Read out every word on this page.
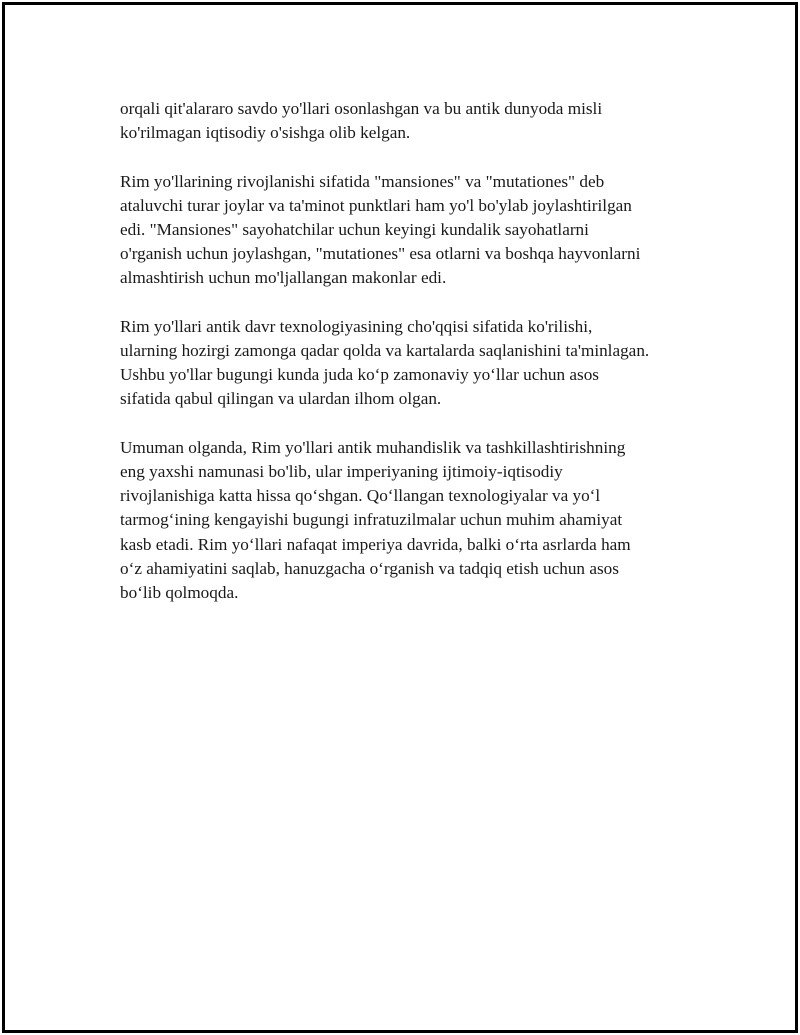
orqali qit'alararo savdo yo'llari osonlashgan va bu antik dunyoda misli
ko'rilmagan iqtisodiy o'sishga olib kelgan.

Rim yo'llarining rivojlanishi sifatida "mansiones" va "mutationes" deb
ataluvchi turar joylar va ta'minot punktlari ham yo'l bo'ylab joylashtirilgan
edi. "Mansiones" sayohatchilar uchun keyingi kundalik sayohatlarni
o'rganish uchun joylashgan, "mutationes" esa otlarni va boshqa hayvonlarni
almashtirish uchun mo'ljallangan makonlar edi.

Rim yo'llari antik davr texnologiyasining cho'qqisi sifatida ko'rilishi,
ularning hozirgi zamonga qadar qolda va kartalarda saqlanishini ta'minlagan.
Ushbu yo'llar bugungi kunda juda ko‘p zamonaviy yo‘llar uchun asos
sifatida qabul qilingan va ulardan ilhom olgan.

Umuman olganda, Rim yo'llari antik muhandislik va tashkillashtirishning
eng yaxshi namunasi bo'lib, ular imperiyaning ijtimoiy-iqtisodiy
rivojlanishiga katta hissa qo‘shgan. Qo‘llangan texnologiyalar va yo‘l
tarmog‘ining kengayishi bugungi infratuzilmalar uchun muhim ahamiyat
kasb etadi. Rim yo‘llari nafaqat imperiya davrida, balki o‘rta asrlarda ham
o‘z ahamiyatini saqlab, hanuzgacha o‘rganish va tadqiq etish uchun asos
bo‘lib qolmoqda.
